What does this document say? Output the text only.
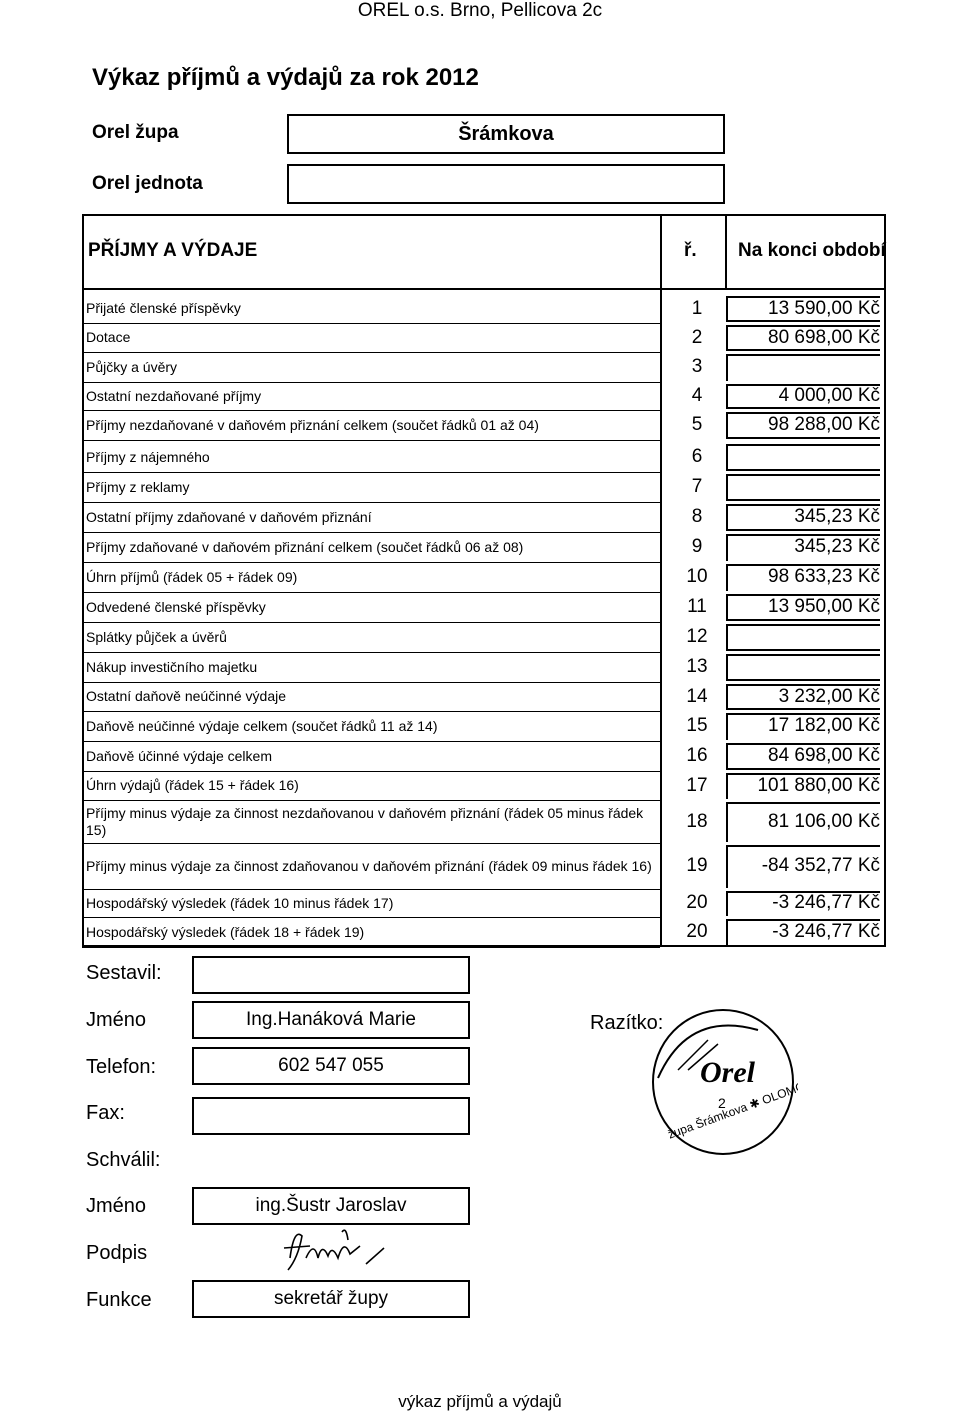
OREL o.s. Brno, Pellicova 2c
Výkaz příjmů a výdajů za rok 2012
Orel župa	Šrámkova
Orel jednota
PŘÍJMY A VÝDAJE	ř. Na konci období
Přijaté členské příspěvky	1	13 590,00 Kč
Dotace	2	80 698,00 Kč
Půjčky a úvěry	3
Ostatní nezdaňované příjmy	4	4 000,00 Kč
Příjmy nezdaňované v daňovém přiznání celkem (součet řádků 01 až 04)	5	98 288,00 Kč
Příjmy z nájemného	6
Příjmy z reklamy	7
Ostatní příjmy zdaňované v daňovém přiznání	8	345,23 Kč
Příjmy zdaňované v daňovém přiznání celkem (součet řádků 06 až 08)	9	345,23 Kč
Úhrn příjmů (řádek 05 + řádek 09)	10	98 633,23 Kč
Odvedené členské příspěvky	11	13 950,00 Kč
Splátky půjček a úvěrů	12
Nákup investičního majetku	13
Ostatní daňově neúčinné výdaje	14	3 232,00 Kč
Daňově neúčinné výdaje celkem (součet řádků 11 až 14)	15	17 182,00 Kč
Daňově účinné výdaje celkem	16	84 698,00 Kč
Úhrn výdajů (řádek 15 + řádek 16)	17	101 880,00 Kč
Příjmy minus výdaje za činnost nezdaňovanou v daňovém přiznání (řádek 05 minus řádek 15)	18	81 106,00 Kč
Příjmy minus výdaje za činnost zdaňovanou v daňovém přiznání (řádek 09 minus řádek 16)	19	-84 352,77 Kč
Hospodářský výsledek (řádek 10 minus řádek 17)	20	-3 246,77 Kč
Hospodářský výsledek (řádek 18 + řádek 19)	20	-3 246,77 Kč
Sestavil:
Jméno	Ing.Hanáková Marie
Telefon:	602 547 055
Fax:
Schválil:
Jméno	ing.Šustr Jaroslav
Podpis
Funkce	sekretář župy
Razítko:
Orel
2
župa Šrámkova ✱ OLOMOUC
výkaz příjmů a výdajů
